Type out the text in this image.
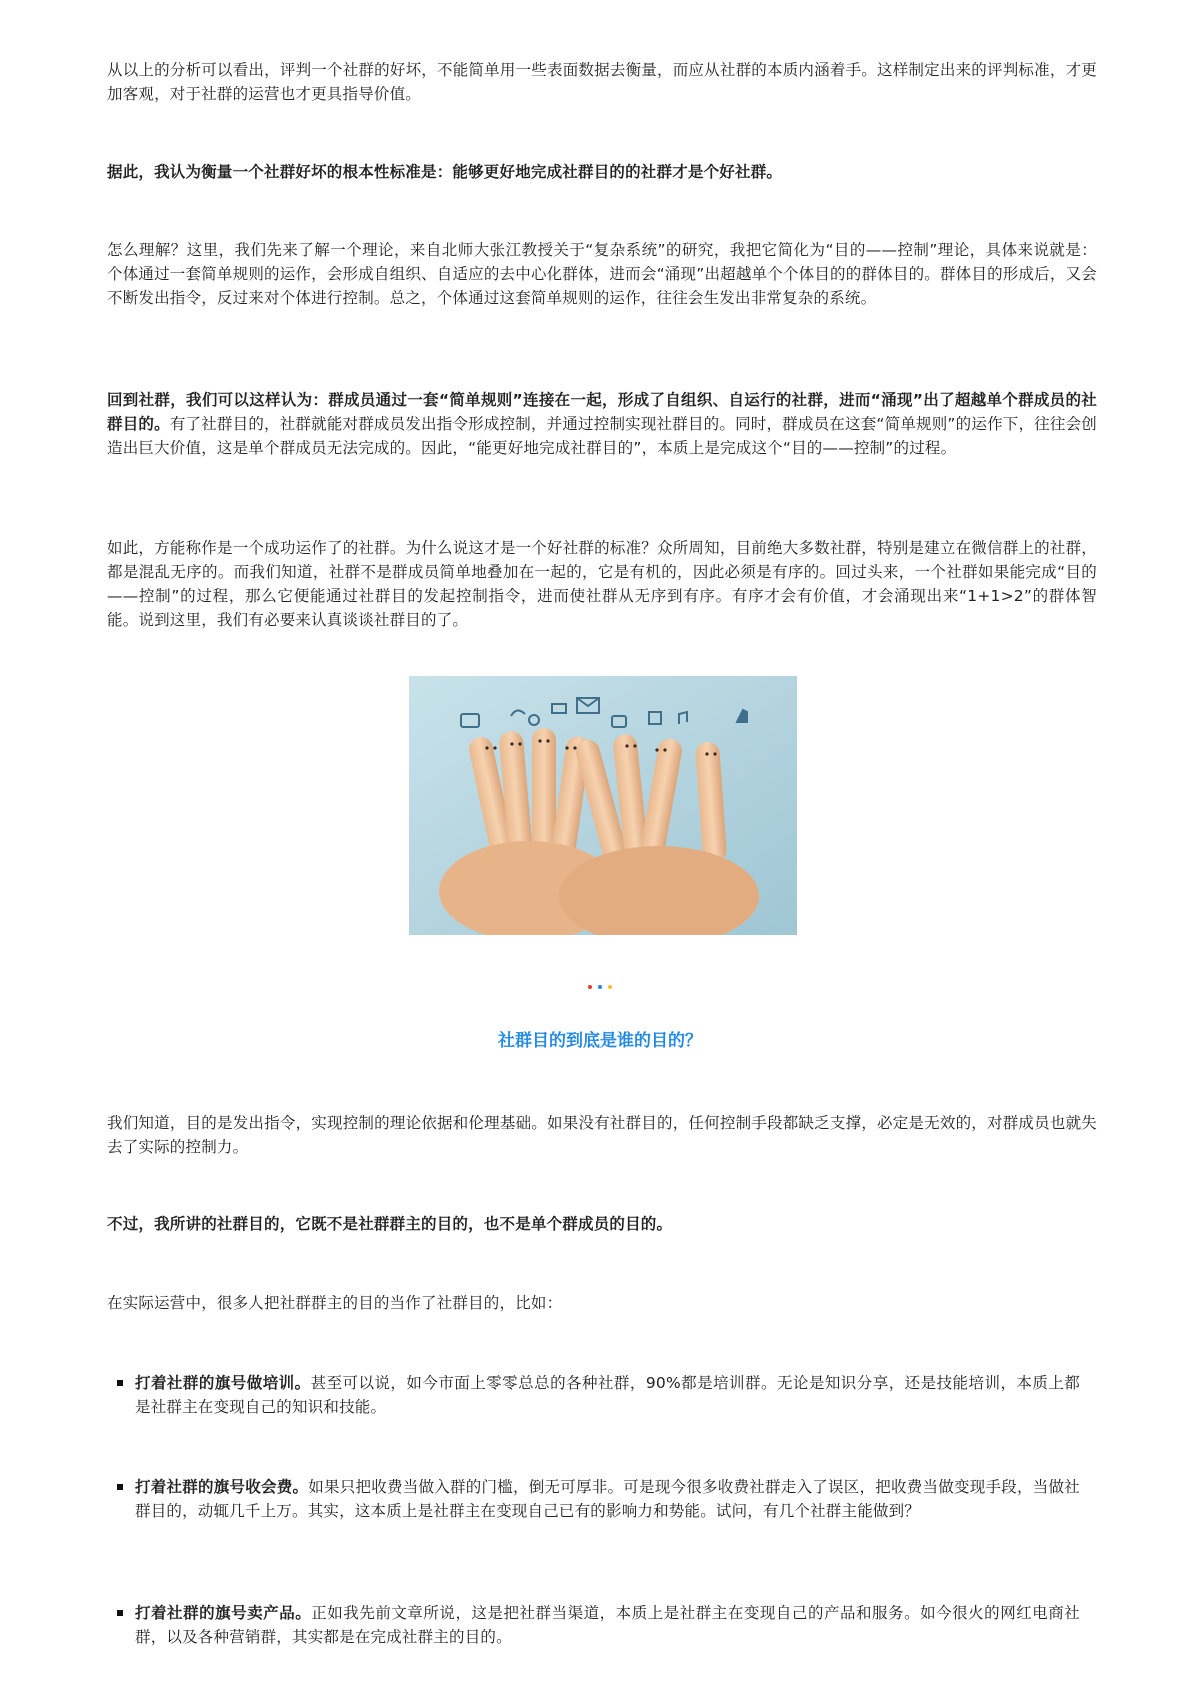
从以上的分析可以看出，评判一个社群的好坏，不能简单用一些表面数据去衡量，而应从社群的本质内涵着手。这样制定出来的评判标准，才更加客观，对于社群的运营也才更具指导价值。

据此，我认为衡量一个社群好坏的根本性标准是：能够更好地完成社群目的的社群才是个好社群。

怎么理解？这里，我们先来了解一个理论，来自北师大张江教授关于“复杂系统”的研究，我把它简化为“目的——控制”理论，具体来说就是：个体通过一套简单规则的运作，会形成自组织、自适应的去中心化群体，进而会“涌现”出超越单个个体目的的群体目的。群体目的形成后，又会不断发出指令，反过来对个体进行控制。总之，个体通过这套简单规则的运作，往往会生发出非常复杂的系统。

回到社群，我们可以这样认为：群成员通过一套“简单规则”连接在一起，形成了自组织、自运行的社群，进而“涌现”出了超越单个群成员的社群目的。有了社群目的，社群就能对群成员发出指令形成控制，并通过控制实现社群目的。同时，群成员在这套“简单规则”的运作下，往往会创造出巨大价值，这是单个群成员无法完成的。因此，“能更好地完成社群目的”，本质上是完成这个“目的——控制”的过程。

如此，方能称作是一个成功运作了的社群。为什么说这才是一个好社群的标准？众所周知，目前绝大多数社群，特别是建立在微信群上的社群，都是混乱无序的。而我们知道，社群不是群成员简单地叠加在一起的，它是有机的，因此必须是有序的。回过头来，一个社群如果能完成“目的——控制”的过程，那么它便能通过社群目的发起控制指令，进而使社群从无序到有序。有序才会有价值，才会涌现出来“1+1>2”的群体智能。说到这里，我们有必要来认真谈谈社群目的了。

社群目的到底是谁的目的？

我们知道，目的是发出指令，实现控制的理论依据和伦理基础。如果没有社群目的，任何控制手段都缺乏支撑，必定是无效的，对群成员也就失去了实际的控制力。

不过，我所讲的社群目的，它既不是社群群主的目的，也不是单个群成员的目的。

在实际运营中，很多人把社群群主的目的当作了社群目的，比如：

打着社群的旗号做培训。甚至可以说，如今市面上零零总总的各种社群，90%都是培训群。无论是知识分享，还是技能培训，本质上都是社群主在变现自己的知识和技能。
打着社群的旗号收会费。如果只把收费当做入群的门槛，倒无可厚非。可是现今很多收费社群走入了误区，把收费当做变现手段，当做社群目的，动辄几千上万。其实，这本质上是社群主在变现自己已有的影响力和势能。试问，有几个社群主能做到？
打着社群的旗号卖产品。正如我先前文章所说，这是把社群当渠道，本质上是社群主在变现自己的产品和服务。如今很火的网红电商社群，以及各种营销群，其实都是在完成社群主的目的。
